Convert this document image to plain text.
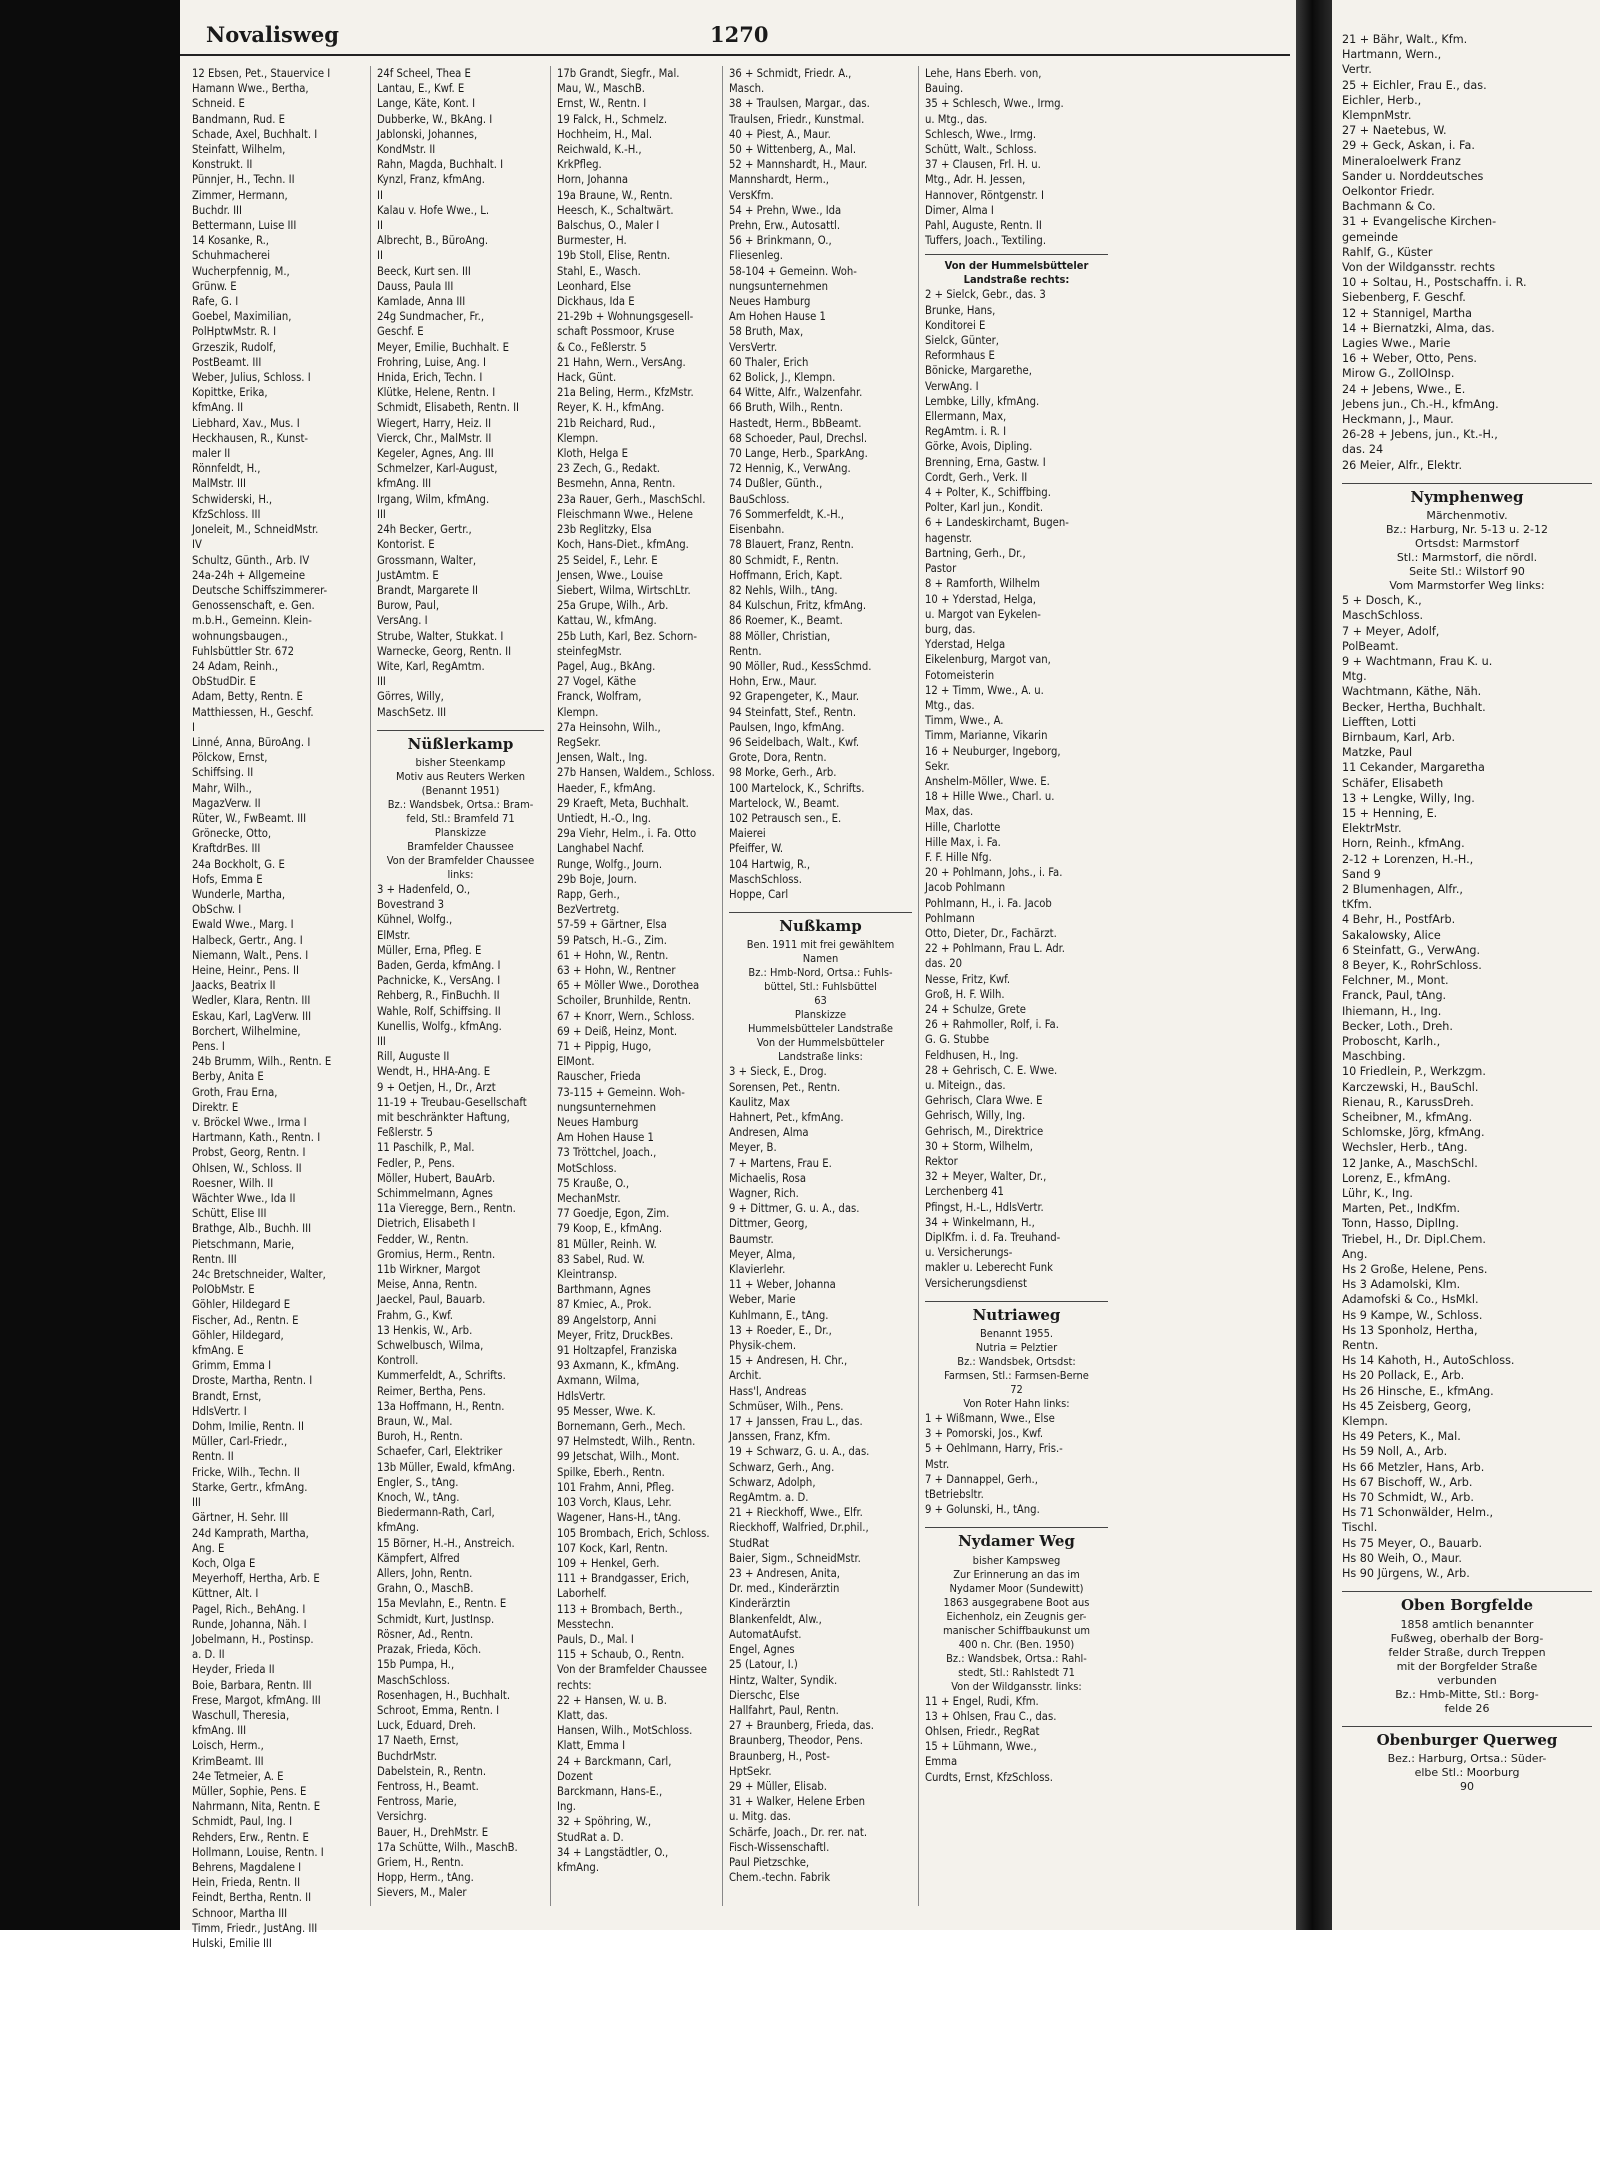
Novalisweg	1270
12 Ebsen, Pet., Stauervice I
Hamann Wwe., Bertha,
Schneid. E
Bandmann, Rud. E
Schade, Axel, Buchhalt. I
Steinfatt, Wilhelm,
Konstrukt. II
Pünnjer, H., Techn. II
Zimmer, Hermann,
Buchdr. III
Bettermann, Luise III
14 Kosanke, R.,
Schuhmacherei
Wucherpfennig, M.,
Grünw. E
Rafe, G. I
Goebel, Maximilian,
PolHptwMstr. R. I
Grzeszik, Rudolf,
PostBeamt. III
Weber, Julius, Schloss. I
Kopittke, Erika,
kfmAng. II
Liebhard, Xav., Mus. I
Heckhausen, R., Kunst-
maler II
Rönnfeldt, H.,
MalMstr. III
Schwiderski, H.,
KfzSchloss. III
Joneleit, M., SchneidMstr.
IV
Schultz, Günth., Arb. IV
24a-24h + Allgemeine
Deutsche Schiffszimmerer-
Genossenschaft, e. Gen.
m.b.H., Gemeinn. Klein-
wohnungsbaugen.,
Fuhlsbüttler Str. 672
24 Adam, Reinh.,
ObStudDir. E
Adam, Betty, Rentn. E
Matthiessen, H., Geschf.
I
Linné, Anna, BüroAng. I
Pölckow, Ernst,
Schiffsing. II
Mahr, Wilh.,
MagazVerw. II
Rüter, W., FwBeamt. III
Grönecke, Otto,
KraftdrBes. III
24a Bockholt, G. E
Hofs, Emma E
Wunderle, Martha,
ObSchw. I
Ewald Wwe., Marg. I
Halbeck, Gertr., Ang. I
Niemann, Walt., Pens. I
Heine, Heinr., Pens. II
Jaacks, Beatrix II
Wedler, Klara, Rentn. III
Eskau, Karl, LagVerw. III
Borchert, Wilhelmine,
Pens. I
24b Brumm, Wilh., Rentn. E
Berby, Anita E
Groth, Frau Erna,
Direktr. E
v. Bröckel Wwe., Irma I
Hartmann, Kath., Rentn. I
Probst, Georg, Rentn. I
Ohlsen, W., Schloss. II
Roesner, Wilh. II
Wächter Wwe., Ida II
Schütt, Elise III
Brathge, Alb., Buchh. III
Pietschmann, Marie,
Rentn. III
24c Bretschneider, Walter,
PolObMstr. E
Göhler, Hildegard E
Fischer, Ad., Rentn. E
Göhler, Hildegard,
kfmAng. E
Grimm, Emma I
Droste, Martha, Rentn. I
Brandt, Ernst,
HdlsVertr. I
Dohm, Imilie, Rentn. II
Müller, Carl-Friedr.,
Rentn. II
Fricke, Wilh., Techn. II
Starke, Gertr., kfmAng.
III
Gärtner, H. Sehr. III
24d Kamprath, Martha,
Ang. E
Koch, Olga E
Meyerhoff, Hertha, Arb. E
Küttner, Alt. I
Pagel, Rich., BehAng. I
Runde, Johanna, Näh. I
Jobelmann, H., Postinsp.
a. D. II
Heyder, Frieda II
Boie, Barbara, Rentn. III
Frese, Margot, kfmAng. III
Waschull, Theresia,
kfmAng. III
Loisch, Herm.,
KrimBeamt. III
24e Tetmeier, A. E
Müller, Sophie, Pens. E
Nahrmann, Nita, Rentn. E
Schmidt, Paul, Ing. I
Rehders, Erw., Rentn. E
Hollmann, Louise, Rentn. I
Behrens, Magdalene I
Hein, Frieda, Rentn. II
Feindt, Bertha, Rentn. II
Schnoor, Martha III
Timm, Friedr., JustAng. III
Hulski, Emilie III
24f Scheel, Thea E
Lantau, E., Kwf. E
Lange, Käte, Kont. I
Dubberke, W., BkAng. I
Jablonski, Johannes,
KondMstr. II
Rahn, Magda, Buchhalt. I
Kynzl, Franz, kfmAng.
II
Kalau v. Hofe Wwe., L.
II
Albrecht, B., BüroAng.
II
Beeck, Kurt sen. III
Dauss, Paula III
Kamlade, Anna III
24g Sundmacher, Fr.,
Geschf. E
Meyer, Emilie, Buchhalt. E
Frohring, Luise, Ang. I
Hnida, Erich, Techn. I
Klütke, Helene, Rentn. I
Schmidt, Elisabeth, Rentn. II
Wiegert, Harry, Heiz. II
Vierck, Chr., MalMstr. II
Kegeler, Agnes, Ang. III
Schmelzer, Karl-August,
kfmAng. III
Irgang, Wilm, kfmAng.
III
24h Becker, Gertr.,
Kontorist. E
Grossmann, Walter,
JustAmtm. E
Brandt, Margarete II
Burow, Paul,
VersAng. I
Strube, Walter, Stukkat. I
Warnecke, Georg, Rentn. II
Wite, Karl, RegAmtm.
III
Görres, Willy,
MaschSetz. III
Nüßlerkamp
bisher Steenkamp
Motiv aus Reuters Werken
(Benannt 1951)
Bz.: Wandsbek, Ortsa.: Bram-
feld, Stl.: Bramfeld 71
Planskizze
Bramfelder Chaussee
Von der Bramfelder Chaussee
links:
3 + Hadenfeld, O.,
Bovestrand 3
Kühnel, Wolfg.,
ElMstr.
Müller, Erna, Pfleg. E
Baden, Gerda, kfmAng. I
Pachnicke, K., VersAng. I
Rehberg, R., FinBuchh. II
Wahle, Rolf, Schiffsing. II
Kunellis, Wolfg., kfmAng.
III
Rill, Auguste II
Wendt, H., HHA-Ang. E
9 + Oetjen, H., Dr., Arzt
11-19 + Treubau-Gesellschaft
mit beschränkter Haftung,
Feßlerstr. 5
11 Paschilk, P., Mal.
Fedler, P., Pens.
Möller, Hubert, BauArb.
Schimmelmann, Agnes
11a Vieregge, Bern., Rentn.
Dietrich, Elisabeth I
Fedder, W., Rentn.
Gromius, Herm., Rentn.
11b Wirkner, Margot
Meise, Anna, Rentn.
Jaeckel, Paul, Bauarb.
Frahm, G., Kwf.
13 Henkis, W., Arb.
Schwelbusch, Wilma,
Kontroll.
Kummerfeldt, A., Schrifts.
Reimer, Bertha, Pens.
13a Hoffmann, H., Rentn.
Braun, W., Mal.
Buroh, H., Rentn.
Schaefer, Carl, Elektriker
13b Müller, Ewald, kfmAng.
Engler, S., tAng.
Knoch, W., tAng.
Biedermann-Rath, Carl,
kfmAng.
15 Börner, H.-H., Anstreich.
Kämpfert, Alfred
Allers, John, Rentn.
Grahn, O., MaschB.
15a Mevlahn, E., Rentn. E
Schmidt, Kurt, JustInsp.
Rösner, Ad., Rentn.
Prazak, Frieda, Köch.
15b Pumpa, H.,
MaschSchloss.
Rosenhagen, H., Buchhalt.
Schroot, Emma, Rentn. I
Luck, Eduard, Dreh.
17 Naeth, Ernst,
BuchdrMstr.
Dabelstein, R., Rentn.
Fentross, H., Beamt.
Fentross, Marie,
Versichrg.
Bauer, H., DrehMstr. E
17a Schütte, Wilh., MaschB.
Griem, H., Rentn.
Hopp, Herm., tAng.
Sievers, M., Maler
17b Grandt, Siegfr., Mal.
Mau, W., MaschB.
Ernst, W., Rentn. I
19 Falck, H., Schmelz.
Hochheim, H., Mal.
Reichwald, K.-H.,
KrkPfleg.
Horn, Johanna
19a Braune, W., Rentn.
Heesch, K., Schaltwärt.
Balschus, O., Maler I
Burmester, H.
19b Stoll, Elise, Rentn.
Stahl, E., Wasch.
Leonhard, Else
Dickhaus, Ida E
21-29b + Wohnungsgesell-
schaft Possmoor, Kruse
& Co., Feßlerstr. 5
21 Hahn, Wern., VersAng.
Hack, Günt.
21a Beling, Herm., KfzMstr.
Reyer, K. H., kfmAng.
21b Reichard, Rud.,
Klempn.
Kloth, Helga E
23 Zech, G., Redakt.
Besmehn, Anna, Rentn.
23a Rauer, Gerh., MaschSchl.
Fleischmann Wwe., Helene
23b Reglitzky, Elsa
Koch, Hans-Diet., kfmAng.
25 Seidel, F., Lehr. E
Jensen, Wwe., Louise
Siebert, Wilma, WirtschLtr.
25a Grupe, Wilh., Arb.
Kattau, W., kfmAng.
25b Luth, Karl, Bez. Schorn-
steinfegMstr.
Pagel, Aug., BkAng.
27 Vogel, Käthe
Franck, Wolfram,
Klempn.
27a Heinsohn, Wilh.,
RegSekr.
Jensen, Walt., Ing.
27b Hansen, Waldem., Schloss.
Haeder, F., kfmAng.
29 Kraeft, Meta, Buchhalt.
Untiedt, H.-O., Ing.
29a Viehr, Helm., i. Fa. Otto
Langhabel Nachf.
Runge, Wolfg., Journ.
29b Boje, Journ.
Rapp, Gerh.,
BezVertretg.
57-59 + Gärtner, Elsa
59 Patsch, H.-G., Zim.
61 + Hohn, W., Rentn.
63 + Hohn, W., Rentner
65 + Möller Wwe., Dorothea
Schoiler, Brunhilde, Rentn.
67 + Knorr, Wern., Schloss.
69 + Deiß, Heinz, Mont.
71 + Pippig, Hugo,
ElMont.
Rauscher, Frieda
73-115 + Gemeinn. Woh-
nungsunternehmen
Neues Hamburg
Am Hohen Hause 1
73 Tröttchel, Joach.,
MotSchloss.
75 Krauße, O.,
MechanMstr.
77 Goedje, Egon, Zim.
79 Koop, E., kfmAng.
81 Müller, Reinh. W.
83 Sabel, Rud. W.
Kleintransp.
Barthmann, Agnes
87 Kmiec, A., Prok.
89 Angelstorp, Anni
Meyer, Fritz, DruckBes.
91 Holtzapfel, Franziska
93 Axmann, K., kfmAng.
Axmann, Wilma,
HdlsVertr.
95 Messer, Wwe. K.
Bornemann, Gerh., Mech.
97 Helmstedt, Wilh., Rentn.
99 Jetschat, Wilh., Mont.
Spilke, Eberh., Rentn.
101 Frahm, Anni, Pfleg.
103 Vorch, Klaus, Lehr.
Wagener, Hans-H., tAng.
105 Brombach, Erich, Schloss.
107 Kock, Karl, Rentn.
109 + Henkel, Gerh.
111 + Brandgasser, Erich,
Laborhelf.
113 + Brombach, Berth.,
Messtechn.
Pauls, D., Mal. I
115 + Schaub, O., Rentn.
Von der Bramfelder Chaussee
rechts:
22 + Hansen, W. u. B.
Klatt, das.
Hansen, Wilh., MotSchloss.
Klatt, Emma I
24 + Barckmann, Carl,
Dozent
Barckmann, Hans-E.,
Ing.
32 + Spöhring, W.,
StudRat a. D.
34 + Langstädtler, O.,
kfmAng.
36 + Schmidt, Friedr. A.,
Masch.
38 + Traulsen, Margar., das.
Traulsen, Friedr., Kunstmal.
40 + Piest, A., Maur.
50 + Wittenberg, A., Mal.
52 + Mannshardt, H., Maur.
Mannshardt, Herm.,
VersKfm.
54 + Prehn, Wwe., Ida
Prehn, Erw., Autosattl.
56 + Brinkmann, O.,
Fliesenleg.
58-104 + Gemeinn. Woh-
nungsunternehmen
Neues Hamburg
Am Hohen Hause 1
58 Bruth, Max,
VersVertr.
60 Thaler, Erich
62 Bolick, J., Klempn.
64 Witte, Alfr., Walzenfahr.
66 Bruth, Wilh., Rentn.
Hastedt, Herm., BbBeamt.
68 Schoeder, Paul, Drechsl.
70 Lange, Herb., SparkAng.
72 Hennig, K., VerwAng.
74 Dußler, Günth.,
BauSchloss.
76 Sommerfeldt, K.-H.,
Eisenbahn.
78 Blauert, Franz, Rentn.
80 Schmidt, F., Rentn.
Hoffmann, Erich, Kapt.
82 Nehls, Wilh., tAng.
84 Kulschun, Fritz, kfmAng.
86 Roemer, K., Beamt.
88 Möller, Christian,
Rentn.
90 Möller, Rud., KessSchmd.
Hohn, Erw., Maur.
92 Grapengeter, K., Maur.
94 Steinfatt, Stef., Rentn.
Paulsen, Ingo, kfmAng.
96 Seidelbach, Walt., Kwf.
Grote, Dora, Rentn.
98 Morke, Gerh., Arb.
100 Martelock, K., Schrifts.
Martelock, W., Beamt.
102 Petrausch sen., E.
Maierei
Pfeiffer, W.
104 Hartwig, R.,
MaschSchloss.
Hoppe, Carl
Nußkamp
Ben. 1911 mit frei gewähltem
Namen
Bz.: Hmb-Nord, Ortsa.: Fuhls-
büttel, Stl.: Fuhlsbüttel
63
Planskizze
Hummelsbütteler Landstraße
Von der Hummelsbütteler
Landstraße links:
3 + Sieck, E., Drog.
Sorensen, Pet., Rentn.
Kaulitz, Max
Hahnert, Pet., kfmAng.
Andresen, Alma
Meyer, B.
7 + Martens, Frau E.
Michaelis, Rosa
Wagner, Rich.
9 + Dittmer, G. u. A., das.
Dittmer, Georg,
Baumstr.
Meyer, Alma,
Klavierlehr.
11 + Weber, Johanna
Weber, Marie
Kuhlmann, E., tAng.
13 + Roeder, E., Dr.,
Physik-chem.
15 + Andresen, H. Chr.,
Archit.
Hass'l, Andreas
Schmüser, Wilh., Pens.
17 + Janssen, Frau L., das.
Janssen, Franz, Kfm.
19 + Schwarz, G. u. A., das.
Schwarz, Gerh., Ang.
Schwarz, Adolph,
RegAmtm. a. D.
21 + Rieckhoff, Wwe., Elfr.
Rieckhoff, Walfried, Dr.phil.,
StudRat
Baier, Sigm., SchneidMstr.
23 + Andresen, Anita,
Dr. med., Kinderärztin
Kinderärztin
Blankenfeldt, Alw.,
AutomatAufst.
Engel, Agnes
25 (Latour, I.)
Hintz, Walter, Syndik.
Dierschc, Else
Hallfahrt, Paul, Rentn.
27 + Braunberg, Frieda, das.
Braunberg, Theodor, Pens.
Braunberg, H., Post-
HptSekr.
29 + Müller, Elisab.
31 + Walker, Helene Erben
u. Mitg. das.
Schärfe, Joach., Dr. rer. nat.
Fisch-Wissenschaftl.
Paul Pietzschke,
Chem.-techn. Fabrik
Lehe, Hans Eberh. von,
Bauing.
35 + Schlesch, Wwe., Irmg.
u. Mtg., das.
Schlesch, Wwe., Irmg.
Schütt, Walt., Schloss.
37 + Clausen, Frl. H. u.
Mtg., Adr. H. Jessen,
Hannover, Röntgenstr. I
Dimer, Alma I
Pahl, Auguste, Rentn. II
Tuffers, Joach., Textiling.
Von der Hummelsbütteler Landstraße rechts:
2 + Sielck, Gebr., das. 3
Brunke, Hans,
Konditorei E
Sielck, Günter,
Reformhaus E
Bönicke, Margarethe,
VerwAng. I
Lembke, Lilly, kfmAng.
Ellermann, Max,
RegAmtm. i. R. I
Görke, Avois, Dipling.
Brenning, Erna, Gastw. I
Cordt, Gerh., Verk. II
4 + Polter, K., Schiffbing.
Polter, Karl jun., Kondit.
6 + Landeskirchamt, Bugen-
hagenstr.
Bartning, Gerh., Dr.,
Pastor
8 + Ramforth, Wilhelm
10 + Yderstad, Helga,
u. Margot van Eykelen-
burg, das.
Yderstad, Helga
Eikelenburg, Margot van,
Fotomeisterin
12 + Timm, Wwe., A. u.
Mtg., das.
Timm, Wwe., A.
Timm, Marianne, Vikarin
16 + Neuburger, Ingeborg,
Sekr.
Anshelm-Möller, Wwe. E.
18 + Hille Wwe., Charl. u.
Max, das.
Hille, Charlotte
Hille Max, i. Fa.
F. F. Hille Nfg.
20 + Pohlmann, Johs., i. Fa.
Jacob Pohlmann
Pohlmann, H., i. Fa. Jacob
Pohlmann
Otto, Dieter, Dr., Fachärzt.
22 + Pohlmann, Frau L. Adr.
das. 20
Nesse, Fritz, Kwf.
Groß, H. F. Wilh.
24 + Schulze, Grete
26 + Rahmoller, Rolf, i. Fa.
G. G. Stubbe
Feldhusen, H., Ing.
28 + Gehrisch, C. E. Wwe.
u. Miteign., das.
Gehrisch, Clara Wwe. E
Gehrisch, Willy, Ing.
Gehrisch, M., Direktrice
30 + Storm, Wilhelm,
Rektor
32 + Meyer, Walter, Dr.,
Lerchenberg 41
Pfingst, H.-L., HdlsVertr.
34 + Winkelmann, H.,
DiplKfm. i. d. Fa. Treuhand-
u. Versicherungs-
makler u. Leberecht Funk
Versicherungsdienst
Nutriaweg
Benannt 1955.
Nutria = Pelztier
Bz.: Wandsbek, Ortsdst:
Farmsen, Stl.: Farmsen-Berne
72
Von Roter Hahn links:
1 + Wißmann, Wwe., Else
3 + Pomorski, Jos., Kwf.
5 + Oehlmann, Harry, Fris.-
Mstr.
7 + Dannappel, Gerh.,
tBetriebsltr.
9 + Golunski, H., tAng.
Nydamer Weg
bisher Kampsweg
Zur Erinnerung an das im
Nydamer Moor (Sundewitt)
1863 ausgegrabene Boot aus
Eichenholz, ein Zeugnis ger-
manischer Schiffbaukunst um
400 n. Chr. (Ben. 1950)
Bz.: Wandsbek, Ortsa.: Rahl-
stedt, Stl.: Rahlstedt 71
Von der Wildgansstr. links:
11 + Engel, Rudi, Kfm.
13 + Ohlsen, Frau C., das.
Ohlsen, Friedr., RegRat
15 + Lühmann, Wwe.,
Emma
Curdts, Ernst, KfzSchloss.
21 + Bähr, Walt., Kfm.
Hartmann, Wern.,
Vertr.
25 + Eichler, Frau E., das.
Eichler, Herb.,
KlempnMstr.
27 + Naetebus, W.
29 + Geck, Askan, i. Fa.
Mineraloelwerk Franz
Sander u. Norddeutsches
Oelkontor Friedr.
Bachmann & Co.
31 + Evangelische Kirchen-
gemeinde
Rahlf, G., Küster
Von der Wildgansstr. rechts
10 + Soltau, H., Postschaffn. i. R.
Siebenberg, F. Geschf.
12 + Stannigel, Martha
14 + Biernatzki, Alma, das.
Lagies Wwe., Marie
16 + Weber, Otto, Pens.
Mirow G., ZollOInsp.
24 + Jebens, Wwe., E.
Jebens jun., Ch.-H., kfmAng.
Heckmann, J., Maur.
26-28 + Jebens, jun., Kt.-H.,
das. 24
26 Meier, Alfr., Elektr.
Nymphenweg
Märchenmotiv.
Bz.: Harburg, Nr. 5-13 u. 2-12
Ortsdst: Marmstorf
Stl.: Marmstorf, die nördl.
Seite Stl.: Wilstorf 90
Vom Marmstorfer Weg links:
5 + Dosch, K.,
MaschSchloss.
7 + Meyer, Adolf,
PolBeamt.
9 + Wachtmann, Frau K. u.
Mtg.
Wachtmann, Käthe, Näh.
Becker, Hertha, Buchhalt.
Liefften, Lotti
Birnbaum, Karl, Arb.
Matzke, Paul
11 Cekander, Margaretha
Schäfer, Elisabeth
13 + Lengke, Willy, Ing.
15 + Henning, E.
ElektrMstr.
Horn, Reinh., kfmAng.
2-12 + Lorenzen, H.-H.,
Sand 9
2 Blumenhagen, Alfr.,
tKfm.
4 Behr, H., PostfArb.
Sakalowsky, Alice
6 Steinfatt, G., VerwAng.
8 Beyer, K., RohrSchloss.
Felchner, M., Mont.
Franck, Paul, tAng.
Ihiemann, H., Ing.
Becker, Loth., Dreh.
Proboscht, Karlh.,
Maschbing.
10 Friedlein, P., Werkzgm.
Karczewski, H., BauSchl.
Rienau, R., KarussDreh.
Scheibner, M., kfmAng.
Schlomske, Jörg, kfmAng.
Wechsler, Herb., tAng.
12 Janke, A., MaschSchl.
Lorenz, E., kfmAng.
Lühr, K., Ing.
Marten, Pet., IndKfm.
Tonn, Hasso, DiplIng.
Triebel, H., Dr. Dipl.Chem.
Ang.
Hs 2 Große, Helene, Pens.
Hs 3 Adamolski, Klm.
Adamofski & Co., HsMkl.
Hs 9 Kampe, W., Schloss.
Hs 13 Sponholz, Hertha,
Rentn.
Hs 14 Kahoth, H., AutoSchloss.
Hs 20 Pollack, E., Arb.
Hs 26 Hinsche, E., kfmAng.
Hs 45 Zeisberg, Georg,
Klempn.
Hs 49 Peters, K., Mal.
Hs 59 Noll, A., Arb.
Hs 66 Metzler, Hans, Arb.
Hs 67 Bischoff, W., Arb.
Hs 70 Schmidt, W., Arb.
Hs 71 Schonwälder, Helm.,
Tischl.
Hs 75 Meyer, O., Bauarb.
Hs 80 Weih, O., Maur.
Hs 90 Jürgens, W., Arb.
Oben Borgfelde
1858 amtlich benannter
Fußweg, oberhalb der Borg-
felder Straße, durch Treppen
mit der Borgfelder Straße
verbunden
Bz.: Hmb-Mitte, Stl.: Borg-
felde 26
Obenburger Querweg
Bez.: Harburg, Ortsa.: Süder-
elbe Stl.: Moorburg
90
